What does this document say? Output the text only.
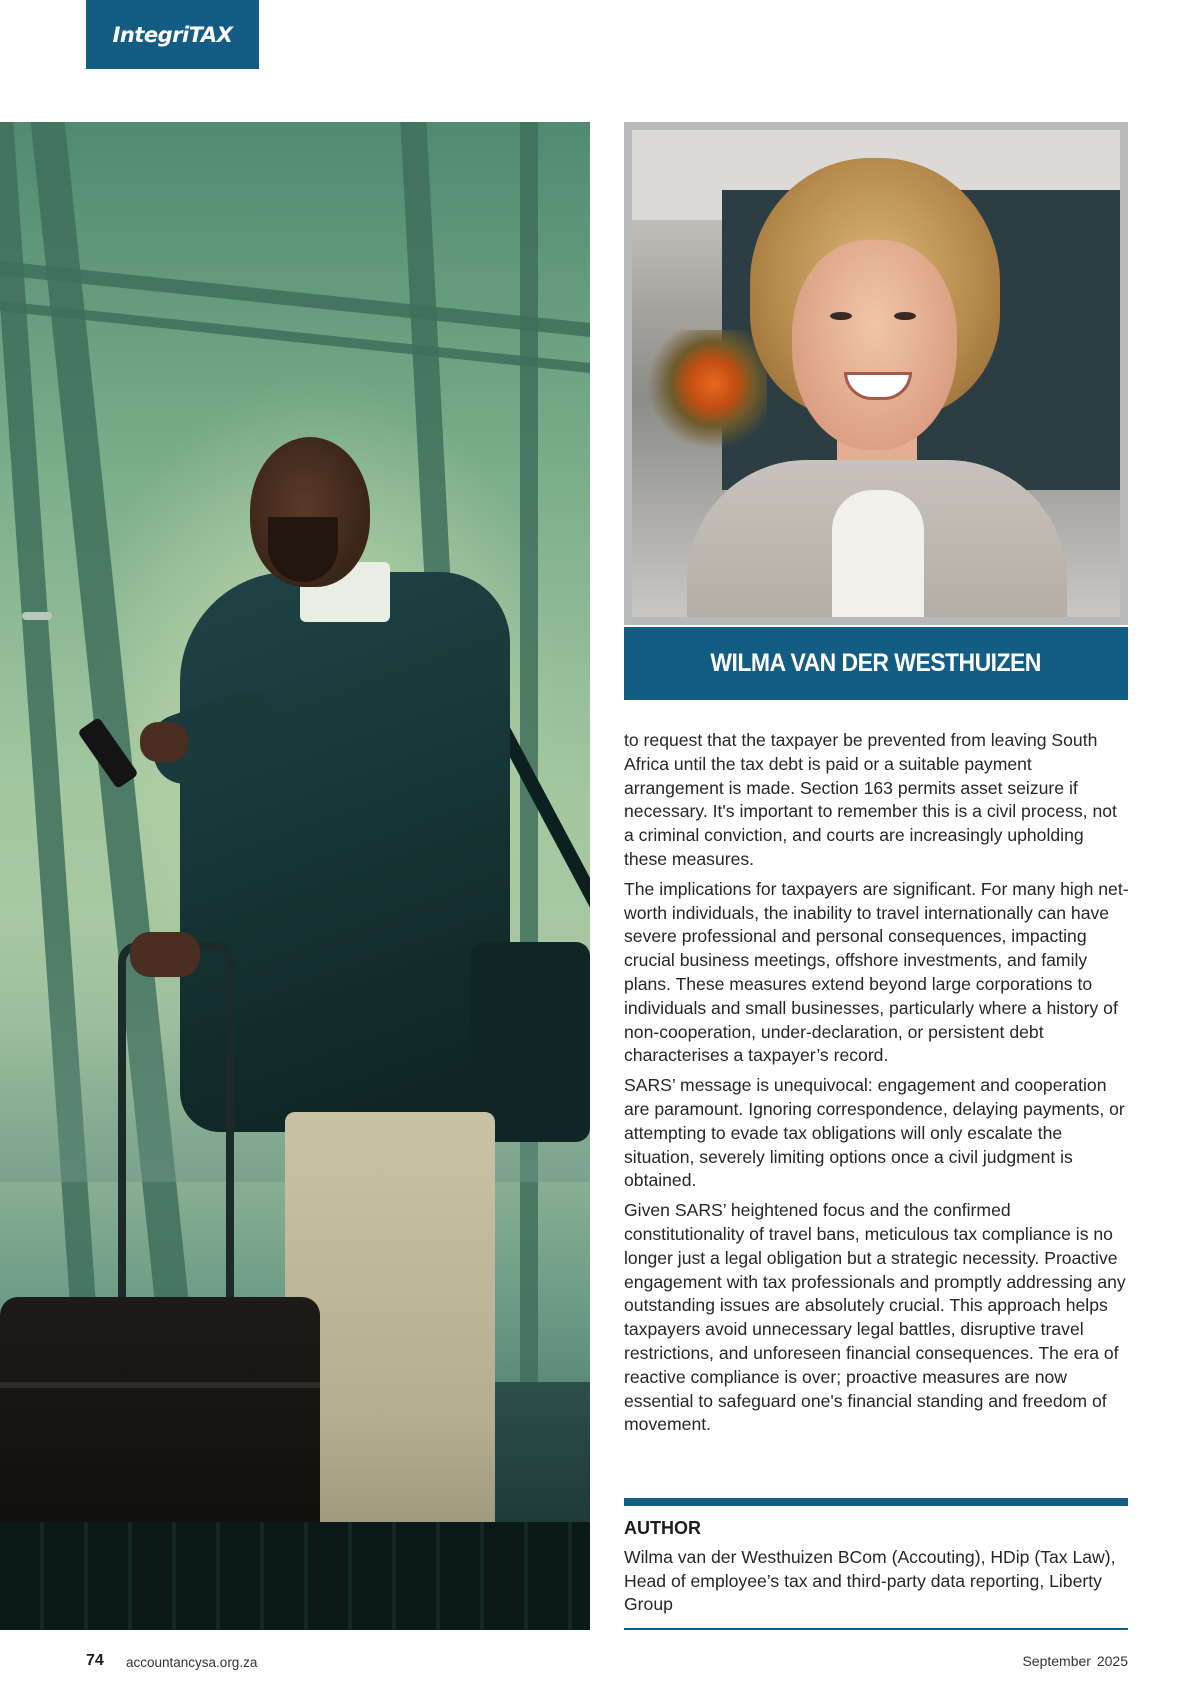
IntegriTAX
WILMA VAN DER WESTHUIZEN

to request that the taxpayer be prevented from leaving South Africa until the tax debt is paid or a suitable payment arrangement is made. Section 163 permits asset seizure if necessary. It's important to remember this is a civil process, not a criminal conviction, and courts are increasingly upholding these measures.

The implications for taxpayers are significant. For many high net-worth individuals, the inability to travel internationally can have severe professional and personal consequences, impacting crucial business meetings, offshore investments, and family plans. These measures extend beyond large corporations to individuals and small businesses, particularly where a history of non-cooperation, under-declaration, or persistent debt characterises a taxpayer’s record.

SARS’ message is unequivocal: engagement and cooperation are paramount. Ignoring correspondence, delaying payments, or attempting to evade tax obligations will only escalate the situation, severely limiting options once a civil judgment is obtained.

Given SARS’ heightened focus and the confirmed constitutionality of travel bans, meticulous tax compliance is no longer just a legal obligation but a strategic necessity. Proactive engagement with tax professionals and promptly addressing any outstanding issues are absolutely crucial. This approach helps taxpayers avoid unnecessary legal battles, disruptive travel restrictions, and unforeseen financial consequences. The era of reactive compliance is over; proactive measures are now essential to safeguard one's financial standing and freedom of movement.

AUTHOR
Wilma van der Westhuizen BCom (Accouting), HDip (Tax Law), Head of employee’s tax and third-party data reporting, Liberty Group
74 accountancysa.org.za	September 2025
